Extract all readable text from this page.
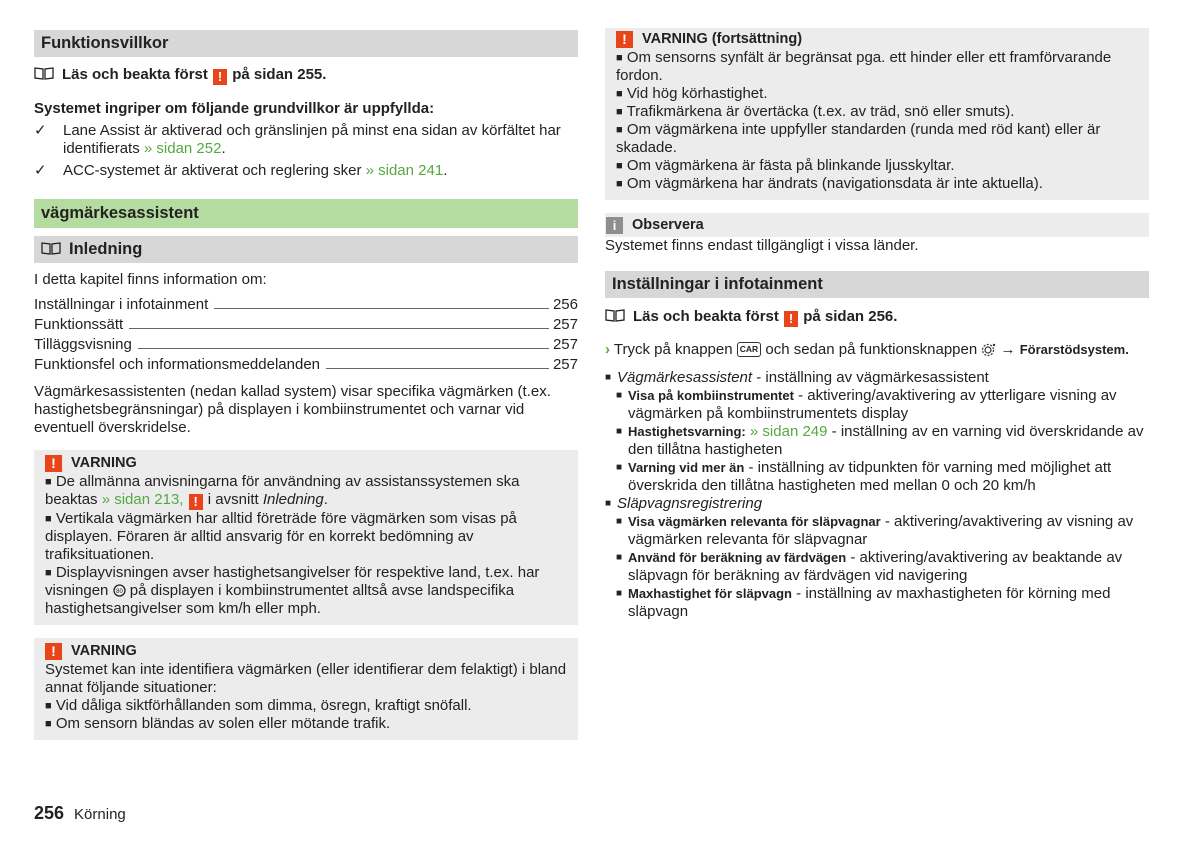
Funktionsvillkor
Läs och beakta först ! på sidan 255.
Systemet ingriper om följande grundvillkor är uppfyllda:
✓	Lane Assist är aktiverad och gränslinjen på minst ena sidan av körfältet har identifierats » sidan 252.
✓	ACC-systemet är aktiverat och reglering sker » sidan 241.
vägmärkesassistent
Inledning
I detta kapitel finns information om:
Inställningar i infotainment	256
Funktionssätt	257
Tilläggsvisning	257
Funktionsfel och informationsmeddelanden	257
Vägmärkesassistenten (nedan kallad system) visar specifika vägmärken (t.ex. hastighetsbegränsningar) på displayen i kombiinstrumentet och varnar vid eventuell överskridelse.
!	VARNING
■ De allmänna anvisningarna för användning av assistanssystemen ska beaktas » sidan 213, ! i avsnitt Inledning.
■ Vertikala vägmärken har alltid företräde före vägmärken som visas på displayen. Föraren är alltid ansvarig för en korrekt bedömning av trafiksituationen.
■ Displayvisningen avser hastighetsangivelser för respektive land, t.ex. har visningen 80 på displayen i kombiinstrumentet alltså avse landspecifika hastighetsangivelser som km/h eller mph.
!	VARNING
Systemet kan inte identifiera vägmärken (eller identifierar dem felaktigt) i bland annat följande situationer:
■ Vid dåliga siktförhållanden som dimma, ösregn, kraftigt snöfall.
■ Om sensorn bländas av solen eller mötande trafik.
!	VARNING (fortsättning)
■ Om sensorns synfält är begränsat pga. ett hinder eller ett framförvarande fordon.
■ Vid hög körhastighet.
■ Trafikmärkena är övertäcka (t.ex. av träd, snö eller smuts).
■ Om vägmärkena inte uppfyller standarden (runda med röd kant) eller är skadade.
■ Om vägmärkena är fästa på blinkande ljusskyltar.
■ Om vägmärkena har ändrats (navigationsdata är inte aktuella).
i	Observera
Systemet finns endast tillgängligt i vissa länder.
Inställningar i infotainment
Läs och beakta först ! på sidan 256.
› Tryck på knappen CAR och sedan på funktionsknappen → Förarstödsystem.
■ Vägmärkesassistent - inställning av vägmärkesassistent
■ Visa på kombiinstrumentet - aktivering/avaktivering av ytterligare visning av vägmärken på kombiinstrumentets display
■ Hastighetsvarning: » sidan 249 - inställning av en varning vid överskridande av den tillåtna hastigheten
■ Varning vid mer än - inställning av tidpunkten för varning med möjlighet att överskrida den tillåtna hastigheten med mellan 0 och 20 km/h
■ Släpvagnsregistrering
■ Visa vägmärken relevanta för släpvagnar - aktivering/avaktivering av visning av vägmärken relevanta för släpvagnar
■ Använd för beräkning av färdvägen - aktivering/avaktivering av beaktande av släpvagn för beräkning av färdvägen vid navigering
■ Maxhastighet för släpvagn - inställning av maxhastigheten för körning med släpvagn
256 Körning
